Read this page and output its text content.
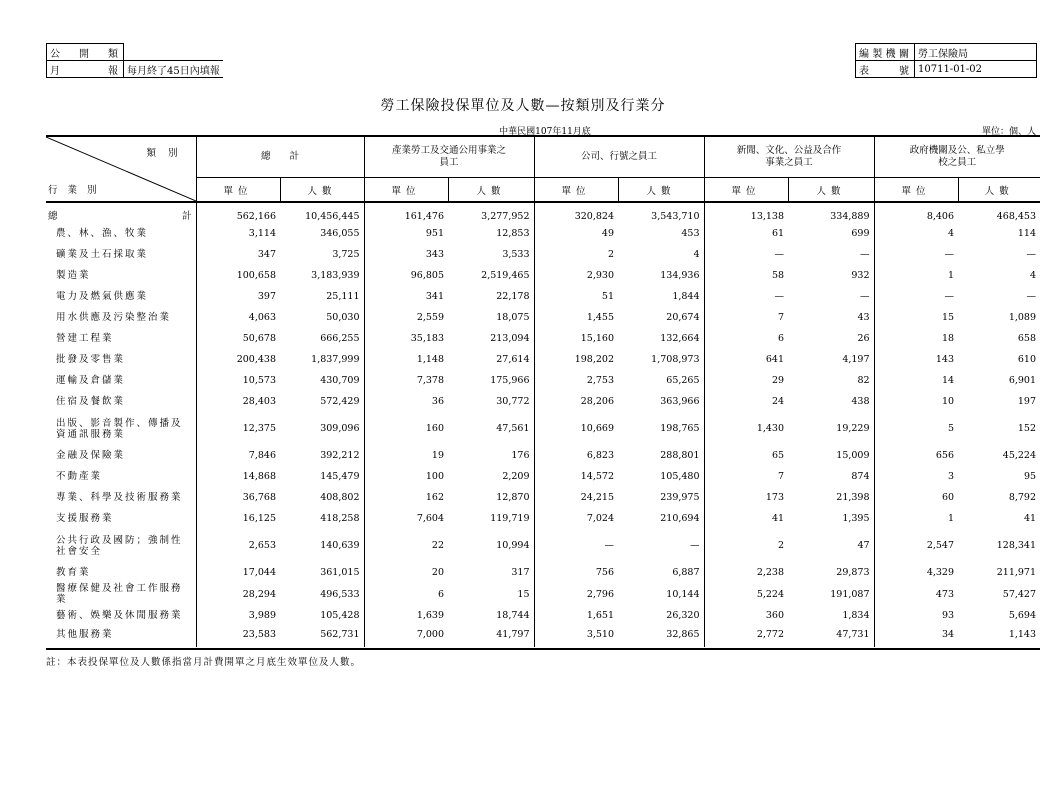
公開類	
月報	每月終了45日內填報
編製機關	勞工保險局
表號	10711-01-02
勞工保險投保單位及人數—按類別及行業分
中華民國107年11月底	單位：個、人
類別
行業別	總　　計		產業勞工及交通公用事業之員工		公司、行號之員工		新聞、文化、公益及合作事業之員工		政府機關及公、私立學校之員工	
	單位	人數	單位	人數	單位	人數	單位	人數	單位	人數
總 計	562,166	10,456,445	161,476	3,277,952	320,824	3,543,710	13,138	334,889	8,406	468,453
農、林、漁、牧業	3,114	346,055	951	12,853	49	453	61	699	4	114
礦業及土石採取業	347	3,725	343	3,533	2	4	—	—	—	—
製造業	100,658	3,183,939	96,805	2,519,465	2,930	134,936	58	932	1	4
電力及燃氣供應業	397	25,111	341	22,178	51	1,844	—	—	—	—
用水供應及污染整治業	4,063	50,030	2,559	18,075	1,455	20,674	7	43	15	1,089
營建工程業	50,678	666,255	35,183	213,094	15,160	132,664	6	26	18	658
批發及零售業	200,438	1,837,999	1,148	27,614	198,202	1,708,973	641	4,197	143	610
運輸及倉儲業	10,573	430,709	7,378	175,966	2,753	65,265	29	82	14	6,901
住宿及餐飲業	28,403	572,429	36	30,772	28,206	363,966	24	438	10	197
出版、影音製作、傳播及資通訊服務業	12,375	309,096	160	47,561	10,669	198,765	1,430	19,229	5	152
金融及保險業	7,846	392,212	19	176	6,823	288,801	65	15,009	656	45,224
不動產業	14,868	145,479	100	2,209	14,572	105,480	7	874	3	95
專業、科學及技術服務業	36,768	408,802	162	12,870	24,215	239,975	173	21,398	60	8,792
支援服務業	16,125	418,258	7,604	119,719	7,024	210,694	41	1,395	1	41
公共行政及國防；強制性社會安全	2,653	140,639	22	10,994	—	—	2	47	2,547	128,341
教育業	17,044	361,015	20	317	756	6,887	2,238	29,873	4,329	211,971
醫療保健及社會工作服務業	28,294	496,533	6	15	2,796	10,144	5,224	191,087	473	57,427
藝術、娛樂及休閒服務業	3,989	105,428	1,639	18,744	1,651	26,320	360	1,834	93	5,694
其他服務業	23,583	562,731	7,000	41,797	3,510	32,865	2,772	47,731	34	1,143
註：本表投保單位及人數係指當月計費開單之月底生效單位及人數。
